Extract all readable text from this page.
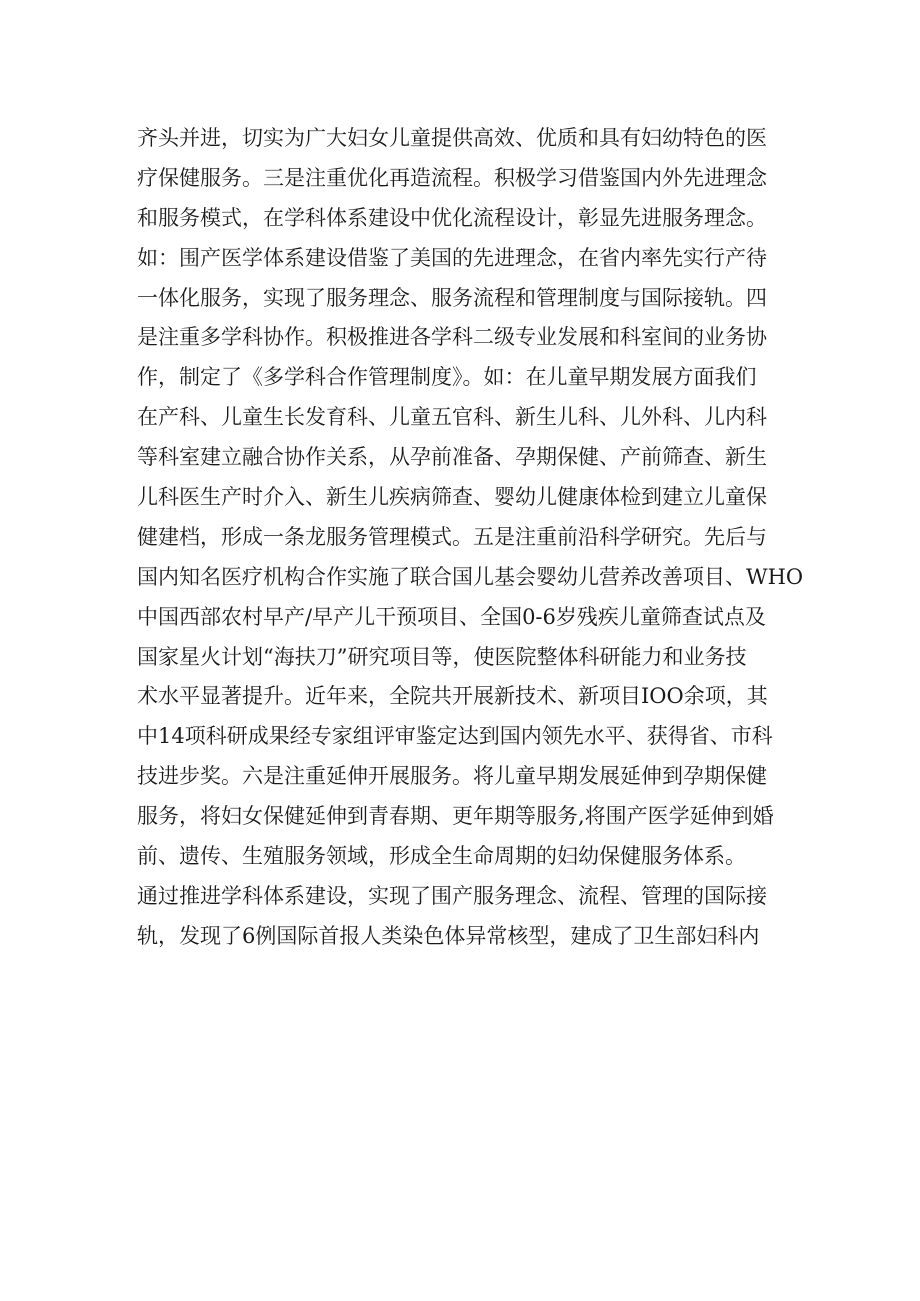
齐头并进，切实为广大妇女儿童提供高效、优质和具有妇幼特色的医
疗保健服务。三是注重优化再造流程。积极学习借鉴国内外先进理念
和服务模式，在学科体系建设中优化流程设计，彰显先进服务理念。
如：围产医学体系建设借鉴了美国的先进理念，在省内率先实行产待
一体化服务，实现了服务理念、服务流程和管理制度与国际接轨。四
是注重多学科协作。积极推进各学科二级专业发展和科室间的业务协
作，制定了《多学科合作管理制度》。如：在儿童早期发展方面我们
在产科、儿童生长发育科、儿童五官科、新生儿科、儿外科、儿内科
等科室建立融合协作关系，从孕前准备、孕期保健、产前筛查、新生
儿科医生产时介入、新生儿疾病筛查、婴幼儿健康体检到建立儿童保
健建档，形成一条龙服务管理模式。五是注重前沿科学研究。先后与
国内知名医疗机构合作实施了联合国儿基会婴幼儿营养改善项目、WHO
中国西部农村早产/早产儿干预项目、全国0-6岁残疾儿童筛查试点及
国家星火计划“海扶刀”研究项目等，使医院整体科研能力和业务技
术水平显著提升。近年来，全院共开展新技术、新项目IOO余项，其
中14项科研成果经专家组评审鉴定达到国内领先水平、获得省、市科
技进步奖。六是注重延伸开展服务。将儿童早期发展延伸到孕期保健
服务，将妇女保健延伸到青春期、更年期等服务,将围产医学延伸到婚
前、遗传、生殖服务领域，形成全生命周期的妇幼保健服务体系。
通过推进学科体系建设，实现了围产服务理念、流程、管理的国际接
轨，发现了6例国际首报人类染色体异常核型，建成了卫生部妇科内
